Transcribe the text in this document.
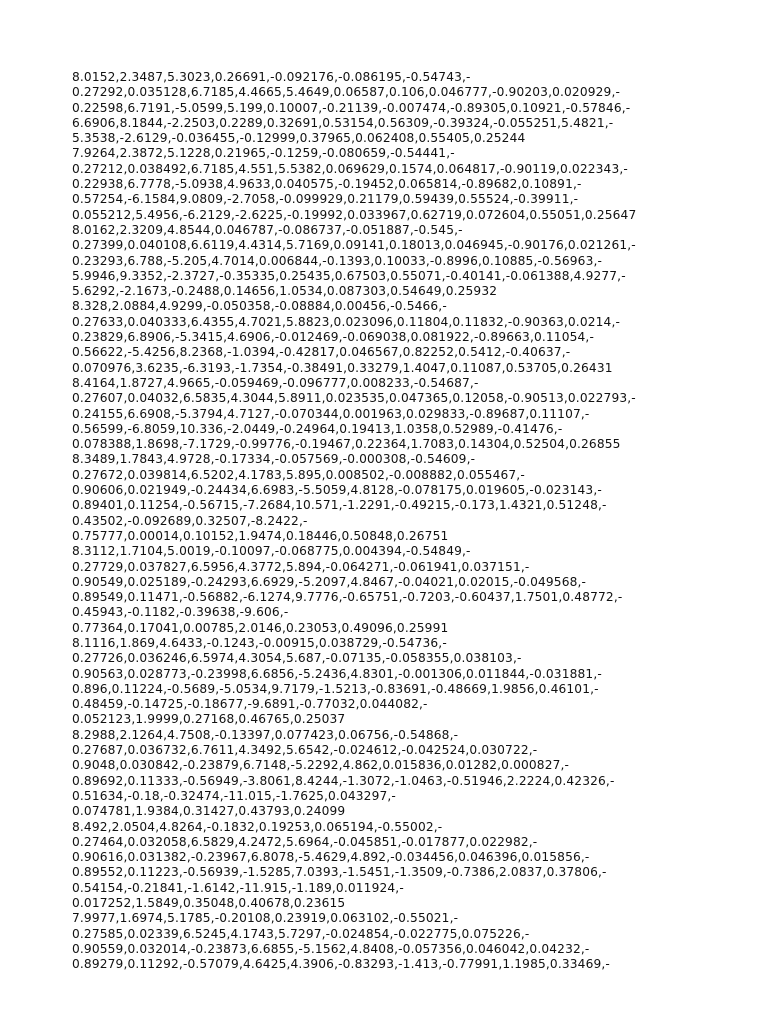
8.0152,2.3487,5.3023,0.26691,-0.092176,-0.086195,-0.54743,-
0.27292,0.035128,6.7185,4.4665,5.4649,0.06587,0.106,0.046777,-0.90203,0.020929,-
0.22598,6.7191,-5.0599,5.199,0.10007,-0.21139,-0.007474,-0.89305,0.10921,-0.57846,-
6.6906,8.1844,-2.2503,0.2289,0.32691,0.53154,0.56309,-0.39324,-0.055251,5.4821,-
5.3538,-2.6129,-0.036455,-0.12999,0.37965,0.062408,0.55405,0.25244
7.9264,2.3872,5.1228,0.21965,-0.1259,-0.080659,-0.54441,-
0.27212,0.038492,6.7185,4.551,5.5382,0.069629,0.1574,0.064817,-0.90119,0.022343,-
0.22938,6.7778,-5.0938,4.9633,0.040575,-0.19452,0.065814,-0.89682,0.10891,-
0.57254,-6.1584,9.0809,-2.7058,-0.099929,0.21179,0.59439,0.55524,-0.39911,-
0.055212,5.4956,-6.2129,-2.6225,-0.19992,0.033967,0.62719,0.072604,0.55051,0.25647
8.0162,2.3209,4.8544,0.046787,-0.086737,-0.051887,-0.545,-
0.27399,0.040108,6.6119,4.4314,5.7169,0.09141,0.18013,0.046945,-0.90176,0.021261,-
0.23293,6.788,-5.205,4.7014,0.006844,-0.1393,0.10033,-0.8996,0.10885,-0.56963,-
5.9946,9.3352,-2.3727,-0.35335,0.25435,0.67503,0.55071,-0.40141,-0.061388,4.9277,-
5.6292,-2.1673,-0.2488,0.14656,1.0534,0.087303,0.54649,0.25932
8.328,2.0884,4.9299,-0.050358,-0.08884,0.00456,-0.5466,-
0.27633,0.040333,6.4355,4.7021,5.8823,0.023096,0.11804,0.11832,-0.90363,0.0214,-
0.23829,6.8906,-5.3415,4.6906,-0.012469,-0.069038,0.081922,-0.89663,0.11054,-
0.56622,-5.4256,8.2368,-1.0394,-0.42817,0.046567,0.82252,0.5412,-0.40637,-
0.070976,3.6235,-6.3193,-1.7354,-0.38491,0.33279,1.4047,0.11087,0.53705,0.26431
8.4164,1.8727,4.9665,-0.059469,-0.096777,0.008233,-0.54687,-
0.27607,0.04032,6.5835,4.3044,5.8911,0.023535,0.047365,0.12058,-0.90513,0.022793,-
0.24155,6.6908,-5.3794,4.7127,-0.070344,0.001963,0.029833,-0.89687,0.11107,-
0.56599,-6.8059,10.336,-2.0449,-0.24964,0.19413,1.0358,0.52989,-0.41476,-
0.078388,1.8698,-7.1729,-0.99776,-0.19467,0.22364,1.7083,0.14304,0.52504,0.26855
8.3489,1.7843,4.9728,-0.17334,-0.057569,-0.000308,-0.54609,-
0.27672,0.039814,6.5202,4.1783,5.895,0.008502,-0.008882,0.055467,-
0.90606,0.021949,-0.24434,6.6983,-5.5059,4.8128,-0.078175,0.019605,-0.023143,-
0.89401,0.11254,-0.56715,-7.2684,10.571,-1.2291,-0.49215,-0.173,1.4321,0.51248,-
0.43502,-0.092689,0.32507,-8.2422,-
0.75777,0.00014,0.10152,1.9474,0.18446,0.50848,0.26751
8.3112,1.7104,5.0019,-0.10097,-0.068775,0.004394,-0.54849,-
0.27729,0.037827,6.5956,4.3772,5.894,-0.064271,-0.061941,0.037151,-
0.90549,0.025189,-0.24293,6.6929,-5.2097,4.8467,-0.04021,0.02015,-0.049568,-
0.89549,0.11471,-0.56882,-6.1274,9.7776,-0.65751,-0.7203,-0.60437,1.7501,0.48772,-
0.45943,-0.1182,-0.39638,-9.606,-
0.77364,0.17041,0.00785,2.0146,0.23053,0.49096,0.25991
8.1116,1.869,4.6433,-0.1243,-0.00915,0.038729,-0.54736,-
0.27726,0.036246,6.5974,4.3054,5.687,-0.07135,-0.058355,0.038103,-
0.90563,0.028773,-0.23998,6.6856,-5.2436,4.8301,-0.001306,0.011844,-0.031881,-
0.896,0.11224,-0.5689,-5.0534,9.7179,-1.5213,-0.83691,-0.48669,1.9856,0.46101,-
0.48459,-0.14725,-0.18677,-9.6891,-0.77032,0.044082,-
0.052123,1.9999,0.27168,0.46765,0.25037
8.2988,2.1264,4.7508,-0.13397,0.077423,0.06756,-0.54868,-
0.27687,0.036732,6.7611,4.3492,5.6542,-0.024612,-0.042524,0.030722,-
0.9048,0.030842,-0.23879,6.7148,-5.2292,4.862,0.015836,0.01282,0.000827,-
0.89692,0.11333,-0.56949,-3.8061,8.4244,-1.3072,-1.0463,-0.51946,2.2224,0.42326,-
0.51634,-0.18,-0.32474,-11.015,-1.7625,0.043297,-
0.074781,1.9384,0.31427,0.43793,0.24099
8.492,2.0504,4.8264,-0.1832,0.19253,0.065194,-0.55002,-
0.27464,0.032058,6.5829,4.2472,5.6964,-0.045851,-0.017877,0.022982,-
0.90616,0.031382,-0.23967,6.8078,-5.4629,4.892,-0.034456,0.046396,0.015856,-
0.89552,0.11223,-0.56939,-1.5285,7.0393,-1.5451,-1.3509,-0.7386,2.0837,0.37806,-
0.54154,-0.21841,-1.6142,-11.915,-1.189,0.011924,-
0.017252,1.5849,0.35048,0.40678,0.23615
7.9977,1.6974,5.1785,-0.20108,0.23919,0.063102,-0.55021,-
0.27585,0.02339,6.5245,4.1743,5.7297,-0.024854,-0.022775,0.075226,-
0.90559,0.032014,-0.23873,6.6855,-5.1562,4.8408,-0.057356,0.046042,0.04232,-
0.89279,0.11292,-0.57079,4.6425,4.3906,-0.83293,-1.413,-0.77991,1.1985,0.33469,-
